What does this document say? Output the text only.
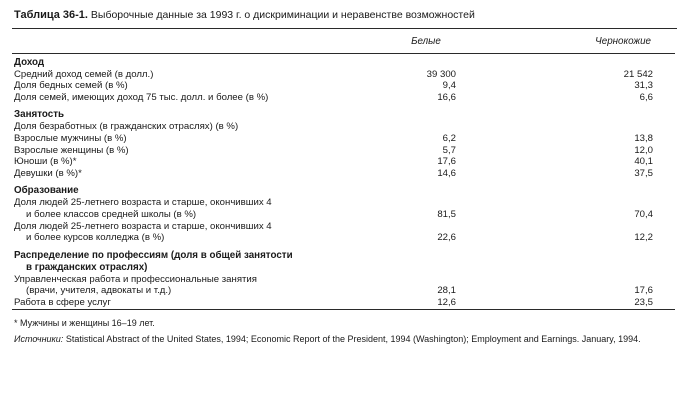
Таблица 36-1. Выборочные данные за 1993 г. о дискриминации и неравенстве возможностей
	Белые		Чернокожие
Доход			
Средний доход семей (в долл.)	39 300		21 542
Доля бедных семей (в %)	9,4		31,3
Доля семей, имеющих доход 75 тыс. долл. и более (в %)	16,6		6,6
Занятость			
Доля безработных (в гражданских отраслях) (в %)			
Взрослые мужчины (в %)	6,2		13,8
Взрослые женщины (в %)	5,7		12,0
Юноши (в %)*	17,6		40,1
Девушки (в %)*	14,6		37,5
Образование			
Доля людей 25-летнего возраста и старше, окончивших 4
и более классов средней школы (в %)	81,5		70,4
Доля людей 25-летнего возраста и старше, окончивших 4
и более курсов колледжа (в %)	22,6		12,2
Распределение по профессиям (доля в общей занятости
в гражданских отраслях)			
Управленческая работа и профессиональные занятия
(врачи, учителя, адвокаты и т.д.)	28,1		17,6
Работа в сфере услуг	12,6		23,5

* Мужчины и женщины 16–19 лет.

Источники: Statistical Abstract of the United States, 1994; Economic Report of the President, 1994 (Washington); Employment and Earnings. January, 1994.
